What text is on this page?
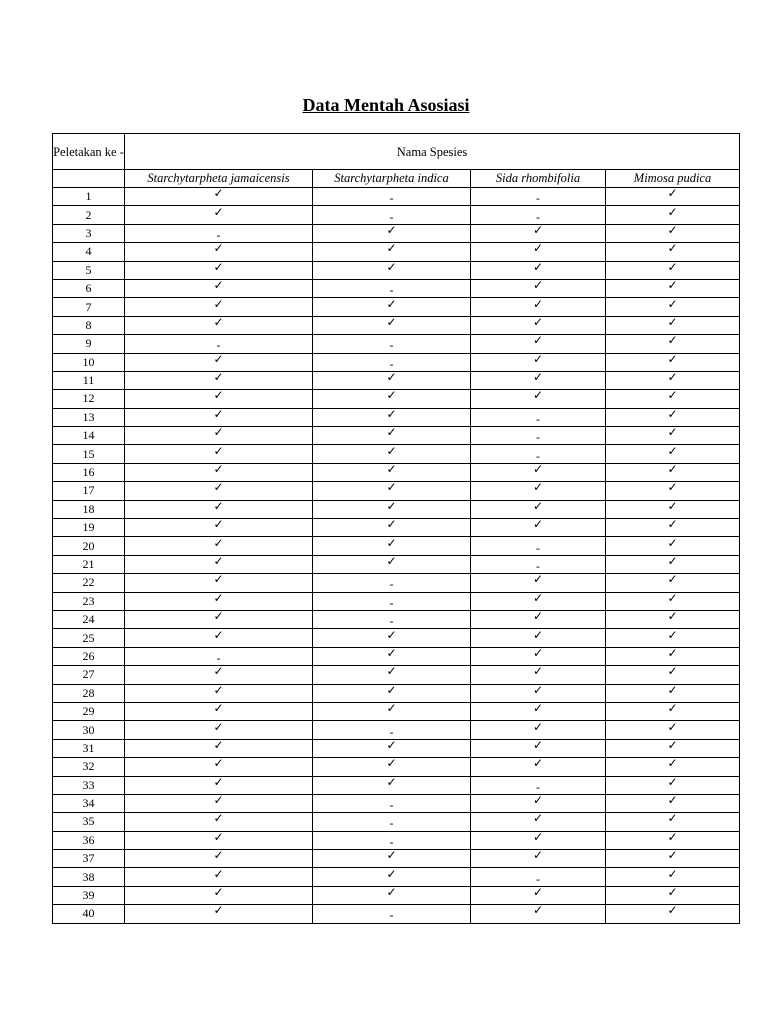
Data Mentah Asosiasi
Peletakan ke -	Nama Spesies			
	Starchytarpheta jamaicensis	Starchytarpheta indica	Sida rhombifolia	Mimosa pudica
1	✓	-	-	✓
2	✓	-	-	✓
3	-	✓	✓	✓
4	✓	✓	✓	✓
5	✓	✓	✓	✓
6	✓	-	✓	✓
7	✓	✓	✓	✓
8	✓	✓	✓	✓
9	-	-	✓	✓
10	✓	-	✓	✓
11	✓	✓	✓	✓
12	✓	✓	✓	✓
13	✓	✓	-	✓
14	✓	✓	-	✓
15	✓	✓	-	✓
16	✓	✓	✓	✓
17	✓	✓	✓	✓
18	✓	✓	✓	✓
19	✓	✓	✓	✓
20	✓	✓	-	✓
21	✓	✓	-	✓
22	✓	-	✓	✓
23	✓	-	✓	✓
24	✓	-	✓	✓
25	✓	✓	✓	✓
26	-	✓	✓	✓
27	✓	✓	✓	✓
28	✓	✓	✓	✓
29	✓	✓	✓	✓
30	✓	-	✓	✓
31	✓	✓	✓	✓
32	✓	✓	✓	✓
33	✓	✓	-	✓
34	✓	-	✓	✓
35	✓	-	✓	✓
36	✓	-	✓	✓
37	✓	✓	✓	✓
38	✓	✓	-	✓
39	✓	✓	✓	✓
40	✓	-	✓	✓
